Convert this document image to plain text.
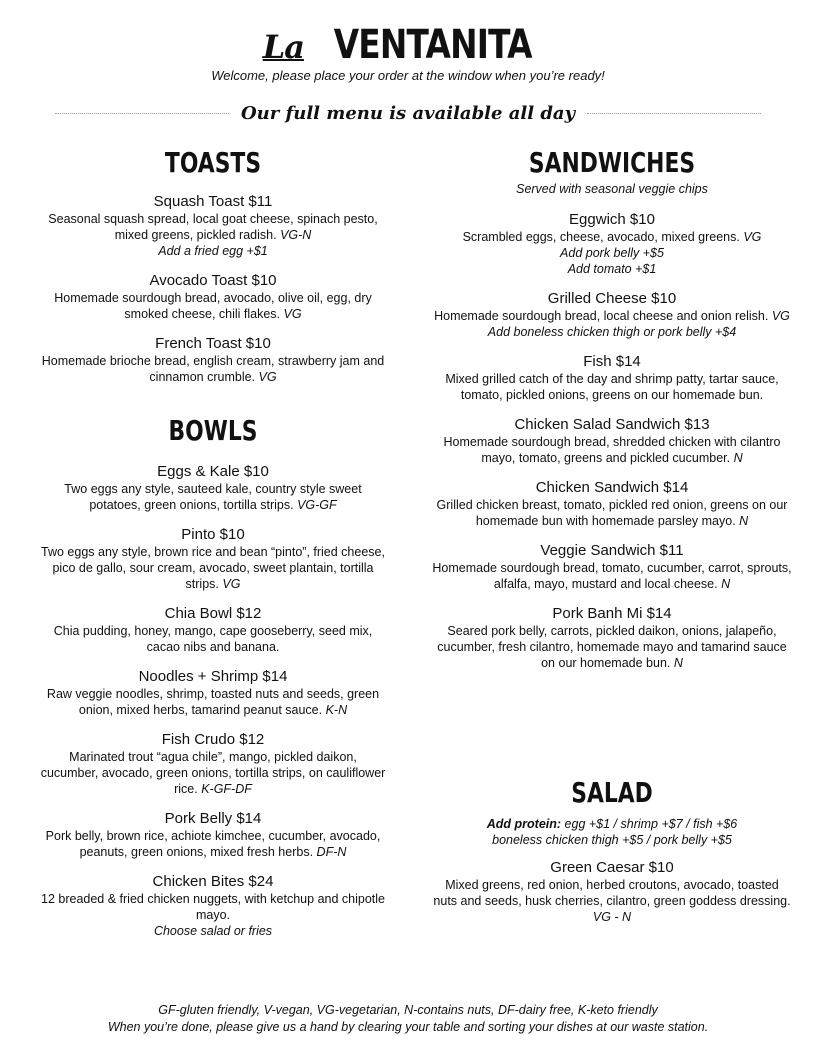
La VENTANITA
Welcome, please place your order at the window when you’re ready!
Our full menu is available all day
TOASTS
Squash Toast $11
Seasonal squash spread, local goat cheese, spinach pesto, mixed greens, pickled radish. VG-N
Add a fried egg +$1
Avocado Toast $10
Homemade sourdough bread, avocado, olive oil, egg, dry smoked cheese, chili flakes. VG
French Toast $10
Homemade brioche bread, english cream, strawberry jam and cinnamon crumble. VG
BOWLS
Eggs & Kale $10
Two eggs any style, sauteed kale, country style sweet potatoes, green onions, tortilla strips. VG-GF
Pinto $10
Two eggs any style, brown rice and bean “pinto”, fried cheese, pico de gallo, sour cream, avocado, sweet plantain, tortilla strips. VG
Chia Bowl $12
Chia pudding, honey, mango, cape gooseberry, seed mix, cacao nibs and banana.
Noodles + Shrimp $14
Raw veggie noodles, shrimp, toasted nuts and seeds, green onion, mixed herbs, tamarind peanut sauce. K-N
Fish Crudo $12
Marinated trout “agua chile”, mango, pickled daikon, cucumber, avocado, green onions, tortilla strips, on cauliflower rice. K-GF-DF
Pork Belly $14
Pork belly, brown rice, achiote kimchee, cucumber, avocado, peanuts, green onions, mixed fresh herbs. DF-N
Chicken Bites $24
12 breaded & fried chicken nuggets, with ketchup and chipotle mayo.
Choose salad or fries
SANDWICHES
Served with seasonal veggie chips
Eggwich $10
Scrambled eggs, cheese, avocado, mixed greens. VG
Add pork belly +$5
Add tomato +$1
Grilled Cheese $10
Homemade sourdough bread, local cheese and onion relish. VG
Add boneless chicken thigh or pork belly +$4
Fish $14
Mixed grilled catch of the day and shrimp patty, tartar sauce, tomato, pickled onions, greens on our homemade bun.
Chicken Salad Sandwich $13
Homemade sourdough bread, shredded chicken with cilantro mayo, tomato, greens and pickled cucumber. N
Chicken Sandwich $14
Grilled chicken breast, tomato, pickled red onion, greens on our homemade bun with homemade parsley mayo. N
Veggie Sandwich $11
Homemade sourdough bread, tomato, cucumber, carrot, sprouts, alfalfa, mayo, mustard and local cheese. N
Pork Banh Mi $14
Seared pork belly, carrots, pickled daikon, onions, jalapeño, cucumber, fresh cilantro, homemade mayo and tamarind sauce on our homemade bun. N
SALAD
Add protein: egg +$1 / shrimp +$7 / fish +$6
boneless chicken thigh +$5 / pork belly +$5
Green Caesar $10
Mixed greens, red onion, herbed croutons, avocado, toasted nuts and seeds, husk cherries, cilantro, green goddess dressing. VG - N
GF-gluten friendly, V-vegan, VG-vegetarian, N-contains nuts, DF-dairy free, K-keto friendly
When you’re done, please give us a hand by clearing your table and sorting your dishes at our waste station.
